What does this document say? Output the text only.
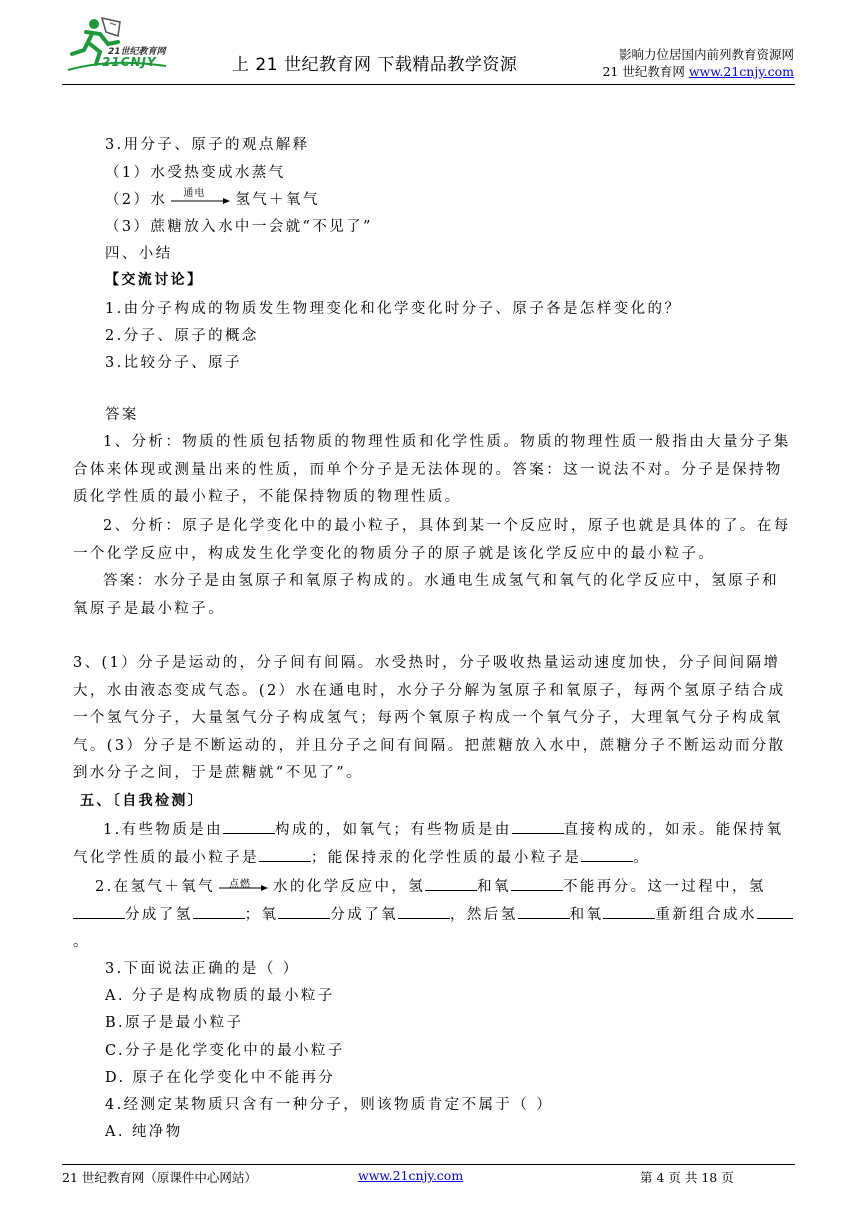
21世纪教育网
21CNJY	上 21 世纪教育网 下载精品教学资源
影响力位居国内前列教育资源网
21 世纪教育网 www.21cnjy.com
3.用分子、原子的观点解释
（1）水受热变成水蒸气
（2）水 通电 氢气＋氧气
（3）蔗糖放入水中一会就“不见了”
四、小结
【交流讨论】
1.由分子构成的物质发生物理变化和化学变化时分子、原子各是怎样变化的？
2.分子、原子的概念
3.比较分子、原子
答案
1、分析：物质的性质包括物质的物理性质和化学性质。物质的物理性质一般指由大量分子集合体来体现或测量出来的性质，而单个分子是无法体现的。答案：这一说法不对。分子是保持物质化学性质的最小粒子，不能保持物质的物理性质。
2、分析：原子是化学变化中的最小粒子，具体到某一个反应时，原子也就是具体的了。在每一个化学反应中，构成发生化学变化的物质分子的原子就是该化学反应中的最小粒子。
答案：水分子是由氢原子和氧原子构成的。水通电生成氢气和氧气的化学反应中，氢原子和氧原子是最小粒子。
3、(1）分子是运动的，分子间有间隔。水受热时，分子吸收热量运动速度加快，分子间间隔增大，水由液态变成气态。(2）水在通电时，水分子分解为氢原子和氧原子，每两个氢原子结合成一个氢气分子，大量氢气分子构成氢气；每两个氧原子构成一个氧气分子，大理氧气分子构成氧气。(3）分子是不断运动的，并且分子之间有间隔。把蔗糖放入水中，蔗糖分子不断运动而分散到水分子之间，于是蔗糖就“不见了”。
五、〔自我检测〕
1.有些物质是由	构成的，如氧气；有些物质是由	直接构成的，如汞。能保持氧气化学性质的最小粒子是	；能保持汞的化学性质的最小粒子是	。
2.在氢气＋氧气 点燃 水的化学反应中，氢	和氧	不能再分。这一过程中，氢分成了氢	；氧	分成了氧	，然后氢	和氧	重新组合成水。
3.下面说法正确的是（ ）
A. 分子是构成物质的最小粒子
B.原子是最小粒子
C.分子是化学变化中的最小粒子
D. 原子在化学变化中不能再分
4.经测定某物质只含有一种分子，则该物质肯定不属于（ ）
A. 纯净物
21 世纪教育网（原课件中心网站）	www.21cnjy.com	第 4 页 共 18 页
